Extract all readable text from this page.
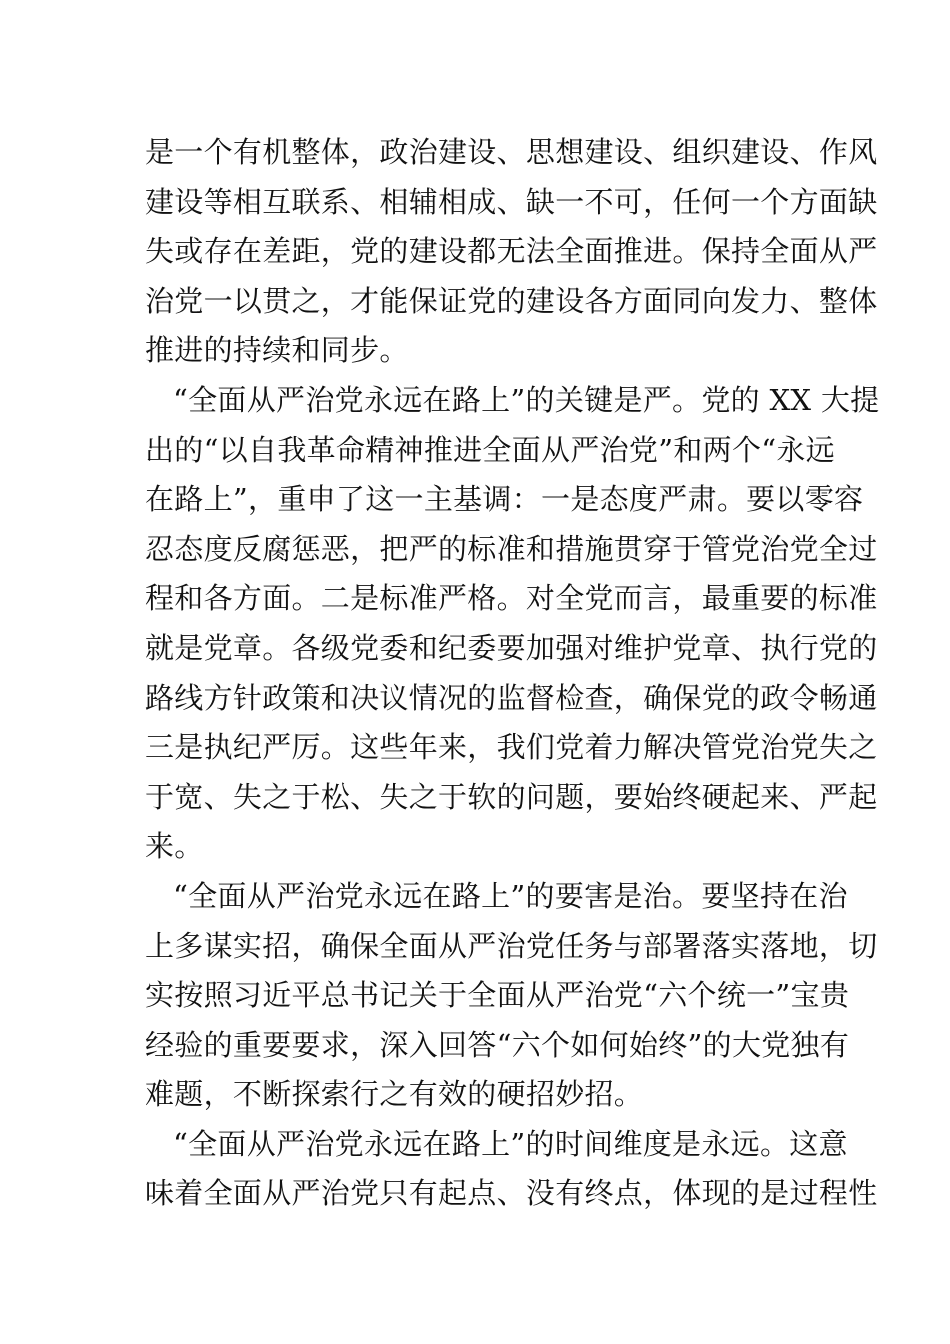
是一个有机整体，政治建设、思想建设、组织建设、作风
建设等相互联系、相辅相成、缺一不可，任何一个方面缺
失或存在差距，党的建设都无法全面推进。保持全面从严
治党一以贯之，才能保证党的建设各方面同向发力、整体
推进的持续和同步。
“全面从严治党永远在路上”的关键是严。党的 XX 大提
出的“以自我革命精神推进全面从严治党”和两个“永远
在路上”，重申了这一主基调：一是态度严肃。要以零容
忍态度反腐惩恶，把严的标准和措施贯穿于管党治党全过
程和各方面。二是标准严格。对全党而言，最重要的标准
就是党章。各级党委和纪委要加强对维护党章、执行党的
路线方针政策和决议情况的监督检查，确保党的政令畅通
三是执纪严厉。这些年来，我们党着力解决管党治党失之
于宽、失之于松、失之于软的问题，要始终硬起来、严起
来。
“全面从严治党永远在路上”的要害是治。要坚持在治
上多谋实招，确保全面从严治党任务与部署落实落地，切
实按照习近平总书记关于全面从严治党“六个统一”宝贵
经验的重要要求，深入回答“六个如何始终”的大党独有
难题，不断探索行之有效的硬招妙招。
“全面从严治党永远在路上”的时间维度是永远。这意
味着全面从严治党只有起点、没有终点，体现的是过程性
